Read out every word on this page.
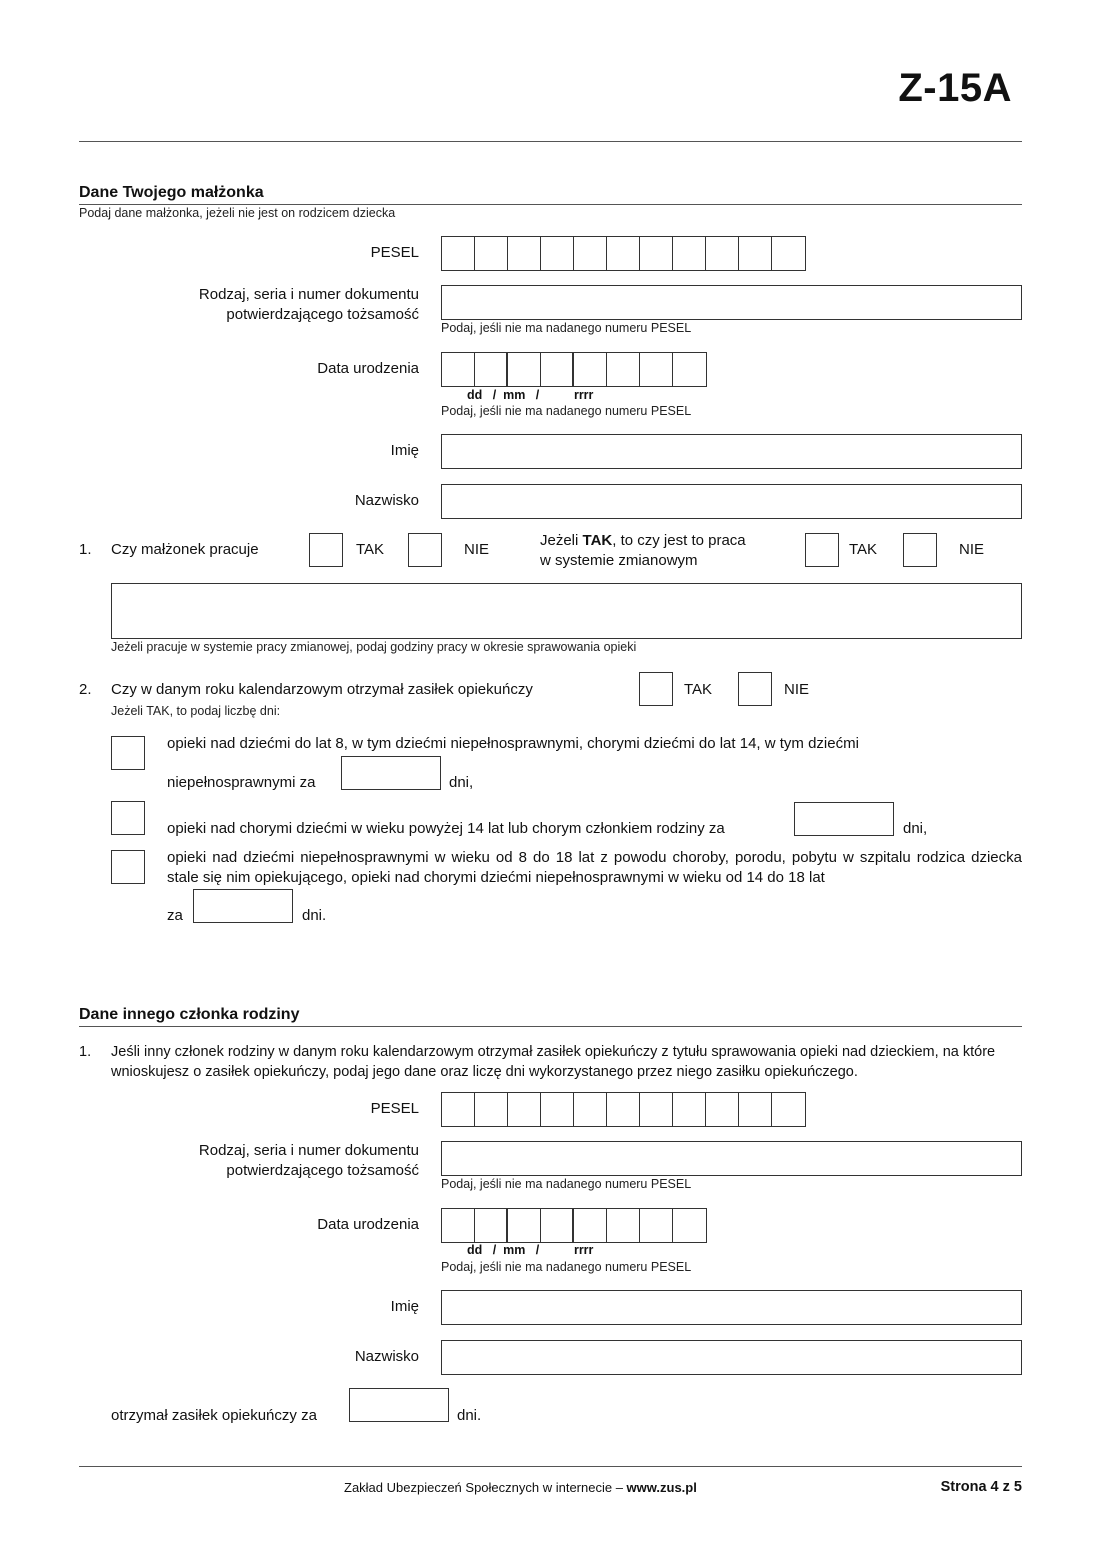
Z-15A
Dane Twojego małżonka
Podaj dane małżonka, jeżeli nie jest on rodzicem dziecka
PESEL
Rodzaj, seria i numer dokumentu
potwierdzającego tożsamość
Podaj, jeśli nie ma nadanego numeru PESEL
Data urodzenia
dd   /  mm   /          rrrr
Podaj, jeśli nie ma nadanego numeru PESEL
Imię
Nazwisko
1. Czy małżonek pracuje	TAK	NIE
Jeżeli TAK, to czy jest to praca
w systemie zmianowym
TAK	NIE
Jeżeli pracuje w systemie pracy zmianowej, podaj godziny pracy w okresie sprawowania opieki
2. Czy w danym roku kalendarzowym otrzymał zasiłek opiekuńczy
Jeżeli TAK, to podaj liczbę dni:
TAK	NIE
opieki nad dziećmi do lat 8, w tym dziećmi niepełnosprawnymi, chorymi dziećmi do lat 14, w tym dziećmi
niepełnosprawnymi za	dni,
opieki nad chorymi dziećmi w wieku powyżej 14 lat lub chorym członkiem rodziny za	dni,
opieki nad dziećmi niepełnosprawnymi w wieku od 8 do 18 lat z powodu choroby, porodu, pobytu w szpitalu rodzica dziecka stale się nim opiekującego, opieki nad chorymi dziećmi niepełnosprawnymi w wieku od 14 do 18 lat
za	dni.
Dane innego członka rodziny
1. Jeśli inny członek rodziny w danym roku kalendarzowym otrzymał zasiłek opiekuńczy z tytułu sprawowania opieki nad dzieckiem, na które wnioskujesz o zasiłek opiekuńczy, podaj jego dane oraz liczę dni wykorzystanego przez niego zasiłku opiekuńczego.
PESEL
Rodzaj, seria i numer dokumentu
potwierdzającego tożsamość
Podaj, jeśli nie ma nadanego numeru PESEL
Data urodzenia
dd   /  mm   /          rrrr
Podaj, jeśli nie ma nadanego numeru PESEL
Imię
Nazwisko
otrzymał zasiłek opiekuńczy za	dni.
Zakład Ubezpieczeń Społecznych w internecie – www.zus.pl	Strona 4 z 5
